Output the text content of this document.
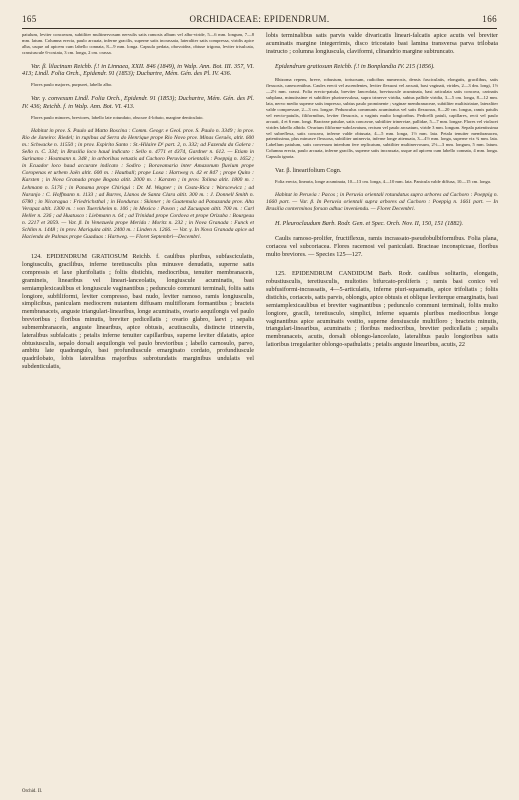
165	ORCHIDACEAE: EPIDENDRUM.	166

patulum, leviter concavum, subtiliter multinervosum nervulis satis ramosis album vel albo-viride, 5—6 mm. longum, 7—8 mm. latum. Columna erecta, paulo arcuata, inferne gracilis, superne satis incrassata, lateraliter satis compressa, viridis apice alba, usque ad apicem cum labello connata, 8—9 mm. longa. Capsula pedata, obovoidea, obtuse trigona, leviter trisulcata, crassiuscule 6-costata, 3 cm. longa, 2 cm. crassa.

Var. β. lilacinum Reichb. f.! in Linnaea, XXII. 846 (1849), in Walp. Ann. Bot. III. 357, VI. 413; Lindl. Folia Orch., Epidendr. 91 (1853); Duchartre, Mém. Gén. des Pl. IV. 436.

Flores paulo majores, purpurei, labello albo.

Var. γ. convexum Lindl. Folia Orch., Epidendr. 91 (1853); Duchartre, Mém. Gén. des Pl. IV. 436; Reichb. f. in Walp. Ann. Bot. VI. 413.

Flores paulo minores, breviores, labello late rotundato, obscure 4-lobato, margine denticulato.

Habitat in prov. S. Paulo ad Matto Boscina : Comm. Geogr. e Geol. prov. S. Paulo n. 3349 ; in prov. Rio de Janeiro: Riedel; in rupibus ad Serra do Henrique prope Rio Novo prov. Minas Geraës, altit. 600 m.: Schwacke n. 11550 ; in prov. Espirito Santo : St.-Hilaire D¹ part. 2, n. 332; ad Fazenda da Galera : Sello n. C. 334; in Brasilia loco haud indicato : Sello n. 4771 et 4374, Gardner n. 612. — Etiam in Surinamo : Hostmann n. 348 ; in arboribus vetustis ad Cachoro Peruviae orientalis : Poeppig n. 1652 ; in Ecuador loco haud accurate indicato : Sodiro ; Boravamaria inter Amazonum fluvium prope Coropenas et urbem Jaën altit. 600 m. : Hauthall; prope Loxa : Hartweg n. 42 et 847 ; prope Quito : Karsten ; in Nova Granada prope Bogota altit. 2000 m. : Karsten ; in prov. Tolima altit. 1800 m. : Lehmann n. 5176 ; in Panama prope Chiriqui : Dr. M. Wagner ; in Costa-Rica : Warscewicz ; ad Naranjo : C. Hoffmann n. 1133 ; ad Barres, Llanos de Santa Clara altit. 300 m. : J. Donnell Smith n. 6780 ; in Nicaragua : Friedrichsthal ; in Honduras : Skinner ; in Guatemala ad Panazanda prov. Alta Verapaz altit. 1300 m. : von Tuerckheim n. 106 ; in Mexico : Pavon ; ad Zacuapan altit. 700 m. : Carl Heller n. 236 ; ad Huatusco : Liebmann n. 64 ; ad Trinidad prope Cordova et prope Orizaba : Bourgeau n. 2217 et 3059. — Var. β. In Venezuela prope Merida : Moritz n. 232 ; in Nova Granada : Funck et Schlim n. 1448 ; in prov. Mariquita altit. 2400 m. : Linden n. 1266. — Var. γ. In Nova Granada apice ad Hacienda de Palmas prope Guaduas : Hartweg. — Floret Septembri—Decembri.

124. EPIDENDRUM GRATIOSUM Reichb. f. caulibus pluribus, subfasciculatis, longiusculis, gracilibus, inferne teretiusculis plus minusve denudatis, superne satis compressis et laxe plurifoliatis ; foliis distichis, mediocribus, tenuiter membranaceis, gramineis, linearibus vel lineari-lanceolatis, longiuscule acuminatis, basi semiamplexicaulibus et longiuscule vaginantibus ; pedunculo communi terminali, foliis satis longiore, subfiliformi, leviter compresso, basi nudo, leviter ramoso, ramis longiusculis, simplicibus, paniculam mediocrem nutantem diffusam multifloram formantibus ; bracteis membranaceis, anguste triangulari-linearibus, longe acuminatis, ovario aequilongis vel paulo brevioribus ; floribus minutis, breviter pedicellatis ; ovario glabro, laevi ; sepalis submembranaceis, anguste linearibus, apice obtusis, acutiusculis, distincte trinerviis, lateralibus subfalcatis ; petalis inferne tenuiter capillaribus, superne leviter dilatatis, apice obtusiusculis, sepalo dorsali aequilongis vel paulo brevioribus ; labello carnosulo, parvo, ambitu late quadrangulo, basi profundiuscule emarginato cordato, profundiuscule quadrilobato, lobis lateralibus majoribus subrotundatis marginibus undulatis vel subdenticulatis,

lobis terminalibus satis parvis valde divaricatis lineari-falcatis apice acutis vel breviter acuminatis margine integerrimis, disco tricostato basi lamina transversa parva trilobata instructo ; columna longiuscula, claviformi, clinandrio margine subtruncato.

Epidendrum gratiosum Reichb. f.! in Bonplandia IV. 215 (1856).

Rhizoma repens, breve, robustum, tortuosum, radicibus numerosis, densis fasciculatis, elongatis, gracilibus, satis flexuosis, canescentibus. Caules erecti vel ascendentes, leviter flexuosi vel arcuati, basi vaginati, virides, 2—3 dm. longi, 1½—2½ mm. crassi. Folia erecto-patula, breviter lanceolata, breviuscule acuminata, basi articulata satis concava, carinatis subplana, minutissime et subtiliter plurinervulosa, supra trinerve viridia, subtus pallide viridia, 3—5 cm. longa, 8—12 mm. lata, nervo medio superne satis impresso, subtus paulo prominente ; vaginae membranaceae, subtiliter multistriatae, lateraliter valde compressae, 2—3 cm. longae. Pedunculus communis acuminatus vel satis flexuosus, 8—20 cm. longus, ramis patulis vel erecto-patulis, filiformibus, leviter flexuosis, a vaginis multo longioribus. Pedicelli patuli, capillares, recti vel paulo arcuati, 4 et 6 mm. longi. Bracteae patulae, satis concavae, subtiliter trinerviae, pallidae, 5—7 mm. longae. Flores vel violacei virides labello albido. Ovarium filiforme-subclavatum, rectum vel paulo arcuatum, viride 3 mm. longum. Sepala patentissima vel subreflexa, satis concava, inferne valde obtusata, 4—5 mm. longa, 1½ mm. lata. Petala tenuiter membranacea, patentissima, plus minusve flexuosa, subtiliter uninervia, inferne longe attenuata, 3—4½ mm. longa, superne vix ¾ mm. lata. Labellum patulum, satis convexum interdum fere replicatum, subtiliter multinervosum, 2½—3 mm. longum, 5 mm. latum. Columna erecta, paulo arcuata, inferne gracilis, superne satis incrassata, usque ad apicem cum labello connata, 4 mm. longa. Capsula ignota.

Var. β. linearifolium Cogn.

Folia erecta, linearia, longe acuminata, 10—13 cm. longa, 4—10 mm. lata. Panicula valde diffusa, 10—15 cm. longa.

Habitat in Peruvia : Pacos ; in Peruvia orientali rotundatus supra arbores ad Cachoro : Poeppig n. 1660 part. — Var. β. In Peruvia orientali supra arbores ad Cachoro : Poeppig n. 1661 part. — In Brasilia conterminos forsan adhuc inveniendu. — Floret Decembri.

H. Pleuroclaudum Barb. Rodr. Gen. et Spec. Orch. Nov. II, 150, 151 (1882).

Caulis ramoso-prolifer, fructiflexus, ramis incrassato-pseudobulbiformibus. Folia plana, coriacea vel subcoriacea. Flores racemosi vel paniculati. Bracteae inconspicuae, floribus multo breviores. — Species 125—127.

125. EPIDENDRUM CANDIDUM Barb. Rodr. caulibus solitariis, elongatis, robustiusculis, teretiusculis, multoties bifurcato-proliferis ; ramis basi conico vel subfusiformi-incrassatis, 4—5-articulatis, inferne piuri-squamatis, apice trifoliatis ; foliis distichis, coriaceis, satis parvis, oblongis, apice obtusis et oblique leviterque emarginatis, basi semiamplexicaulibus et breviter vaginantibus ; pedunculo communi terminali, foliis multo longiore, gracili, teretiusculo, simplici, inferne squamis pluribus mediocribus longe vaginantibus apice acuminatis vestito, superne densiuscule multiflorо ; bracteis minutis, triangulari-linearibus, acuminatis ; floribus mediocribus, breviter pedicellatis ; sepalis membranaceis, acutis, dorsali oblongo-lanceolato, lateralibus paulo longioribus satis latioribus irregulariter oblongo-spathulatis ; petalis anguste linearibus, acutis, 22

Orchid. II.
